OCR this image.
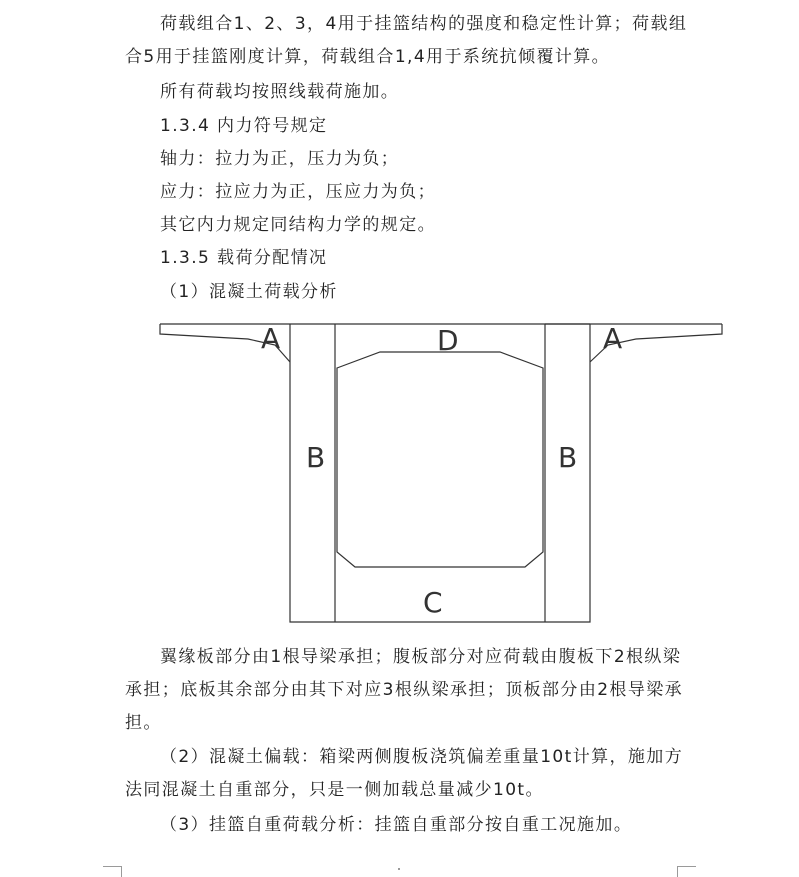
荷载组合1、2、3，4用于挂篮结构的强度和稳定性计算；荷载组
合5用于挂篮刚度计算，荷载组合1,4用于系统抗倾覆计算。
所有荷载均按照线载荷施加。
1.3.4 内力符号规定
轴力：拉力为正，压力为负；
应力：拉应力为正，压应力为负；
其它内力规定同结构力学的规定。
1.3.5 载荷分配情况
（1）混凝土荷载分析
A	A
D
B	B
C
翼缘板部分由1根导梁承担；腹板部分对应荷载由腹板下2根纵梁
承担；底板其余部分由其下对应3根纵梁承担；顶板部分由2根导梁承
担。
（2）混凝土偏载：箱梁两侧腹板浇筑偏差重量10t计算，施加方
法同混凝土自重部分，只是一侧加载总量减少10t。
（3）挂篮自重荷载分析：挂篮自重部分按自重工况施加。
